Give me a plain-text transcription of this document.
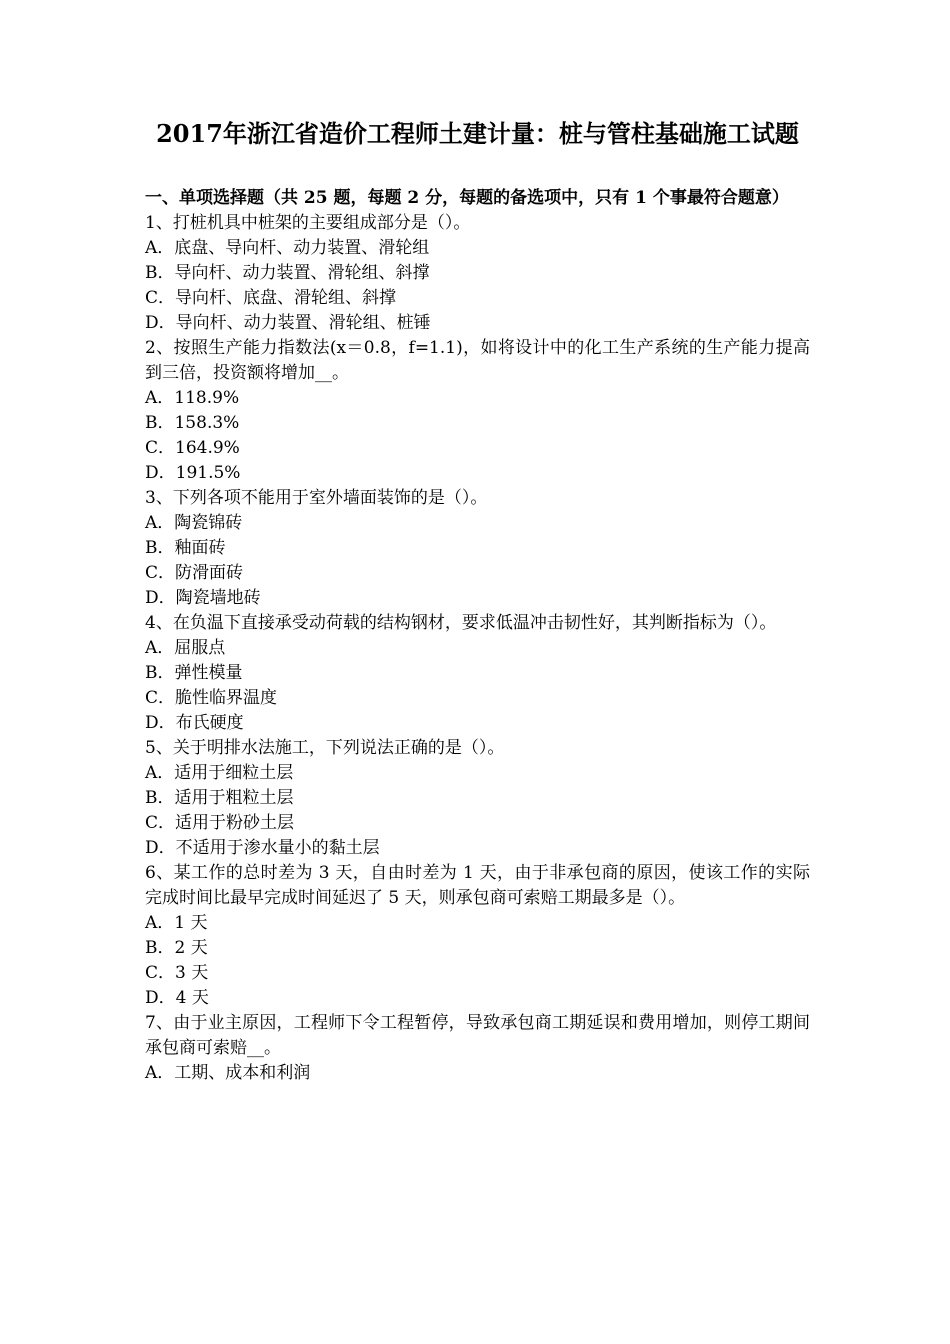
2017年浙江省造价工程师土建计量：桩与管柱基础施工试题
一、单项选择题（共 25 题，每题 2 分，每题的备选项中，只有 1 个事最符合题意）

1、打桩机具中桩架的主要组成部分是（）。

A．底盘、导向杆、动力装置、滑轮组

B．导向杆、动力装置、滑轮组、斜撑

C．导向杆、底盘、滑轮组、斜撑

D．导向杆、动力装置、滑轮组、桩锤

2、按照生产能力指数法(x＝0.8，f=1.1)，如将设计中的化工生产系统的生产能力提高到三倍，投资额将增加__。

A．118.9%

B．158.3%

C．164.9%

D．191.5%

3、下列各项不能用于室外墙面装饰的是（）。

A．陶瓷锦砖

B．釉面砖

C．防滑面砖

D．陶瓷墙地砖

4、在负温下直接承受动荷载的结构钢材，要求低温冲击韧性好，其判断指标为（）。

A．屈服点

B．弹性模量

C．脆性临界温度

D．布氏硬度

5、关于明排水法施工，下列说法正确的是（）。

A．适用于细粒土层

B．适用于粗粒土层

C．适用于粉砂土层

D．不适用于渗水量小的黏土层

6、某工作的总时差为 3 天，自由时差为 1 天，由于非承包商的原因，使该工作的实际完成时间比最早完成时间延迟了 5 天，则承包商可索赔工期最多是（）。

A．1 天

B．2 天

C．3 天

D．4 天

7、由于业主原因，工程师下令工程暂停，导致承包商工期延误和费用增加，则停工期间承包商可索赔__。

A．工期、成本和利润
